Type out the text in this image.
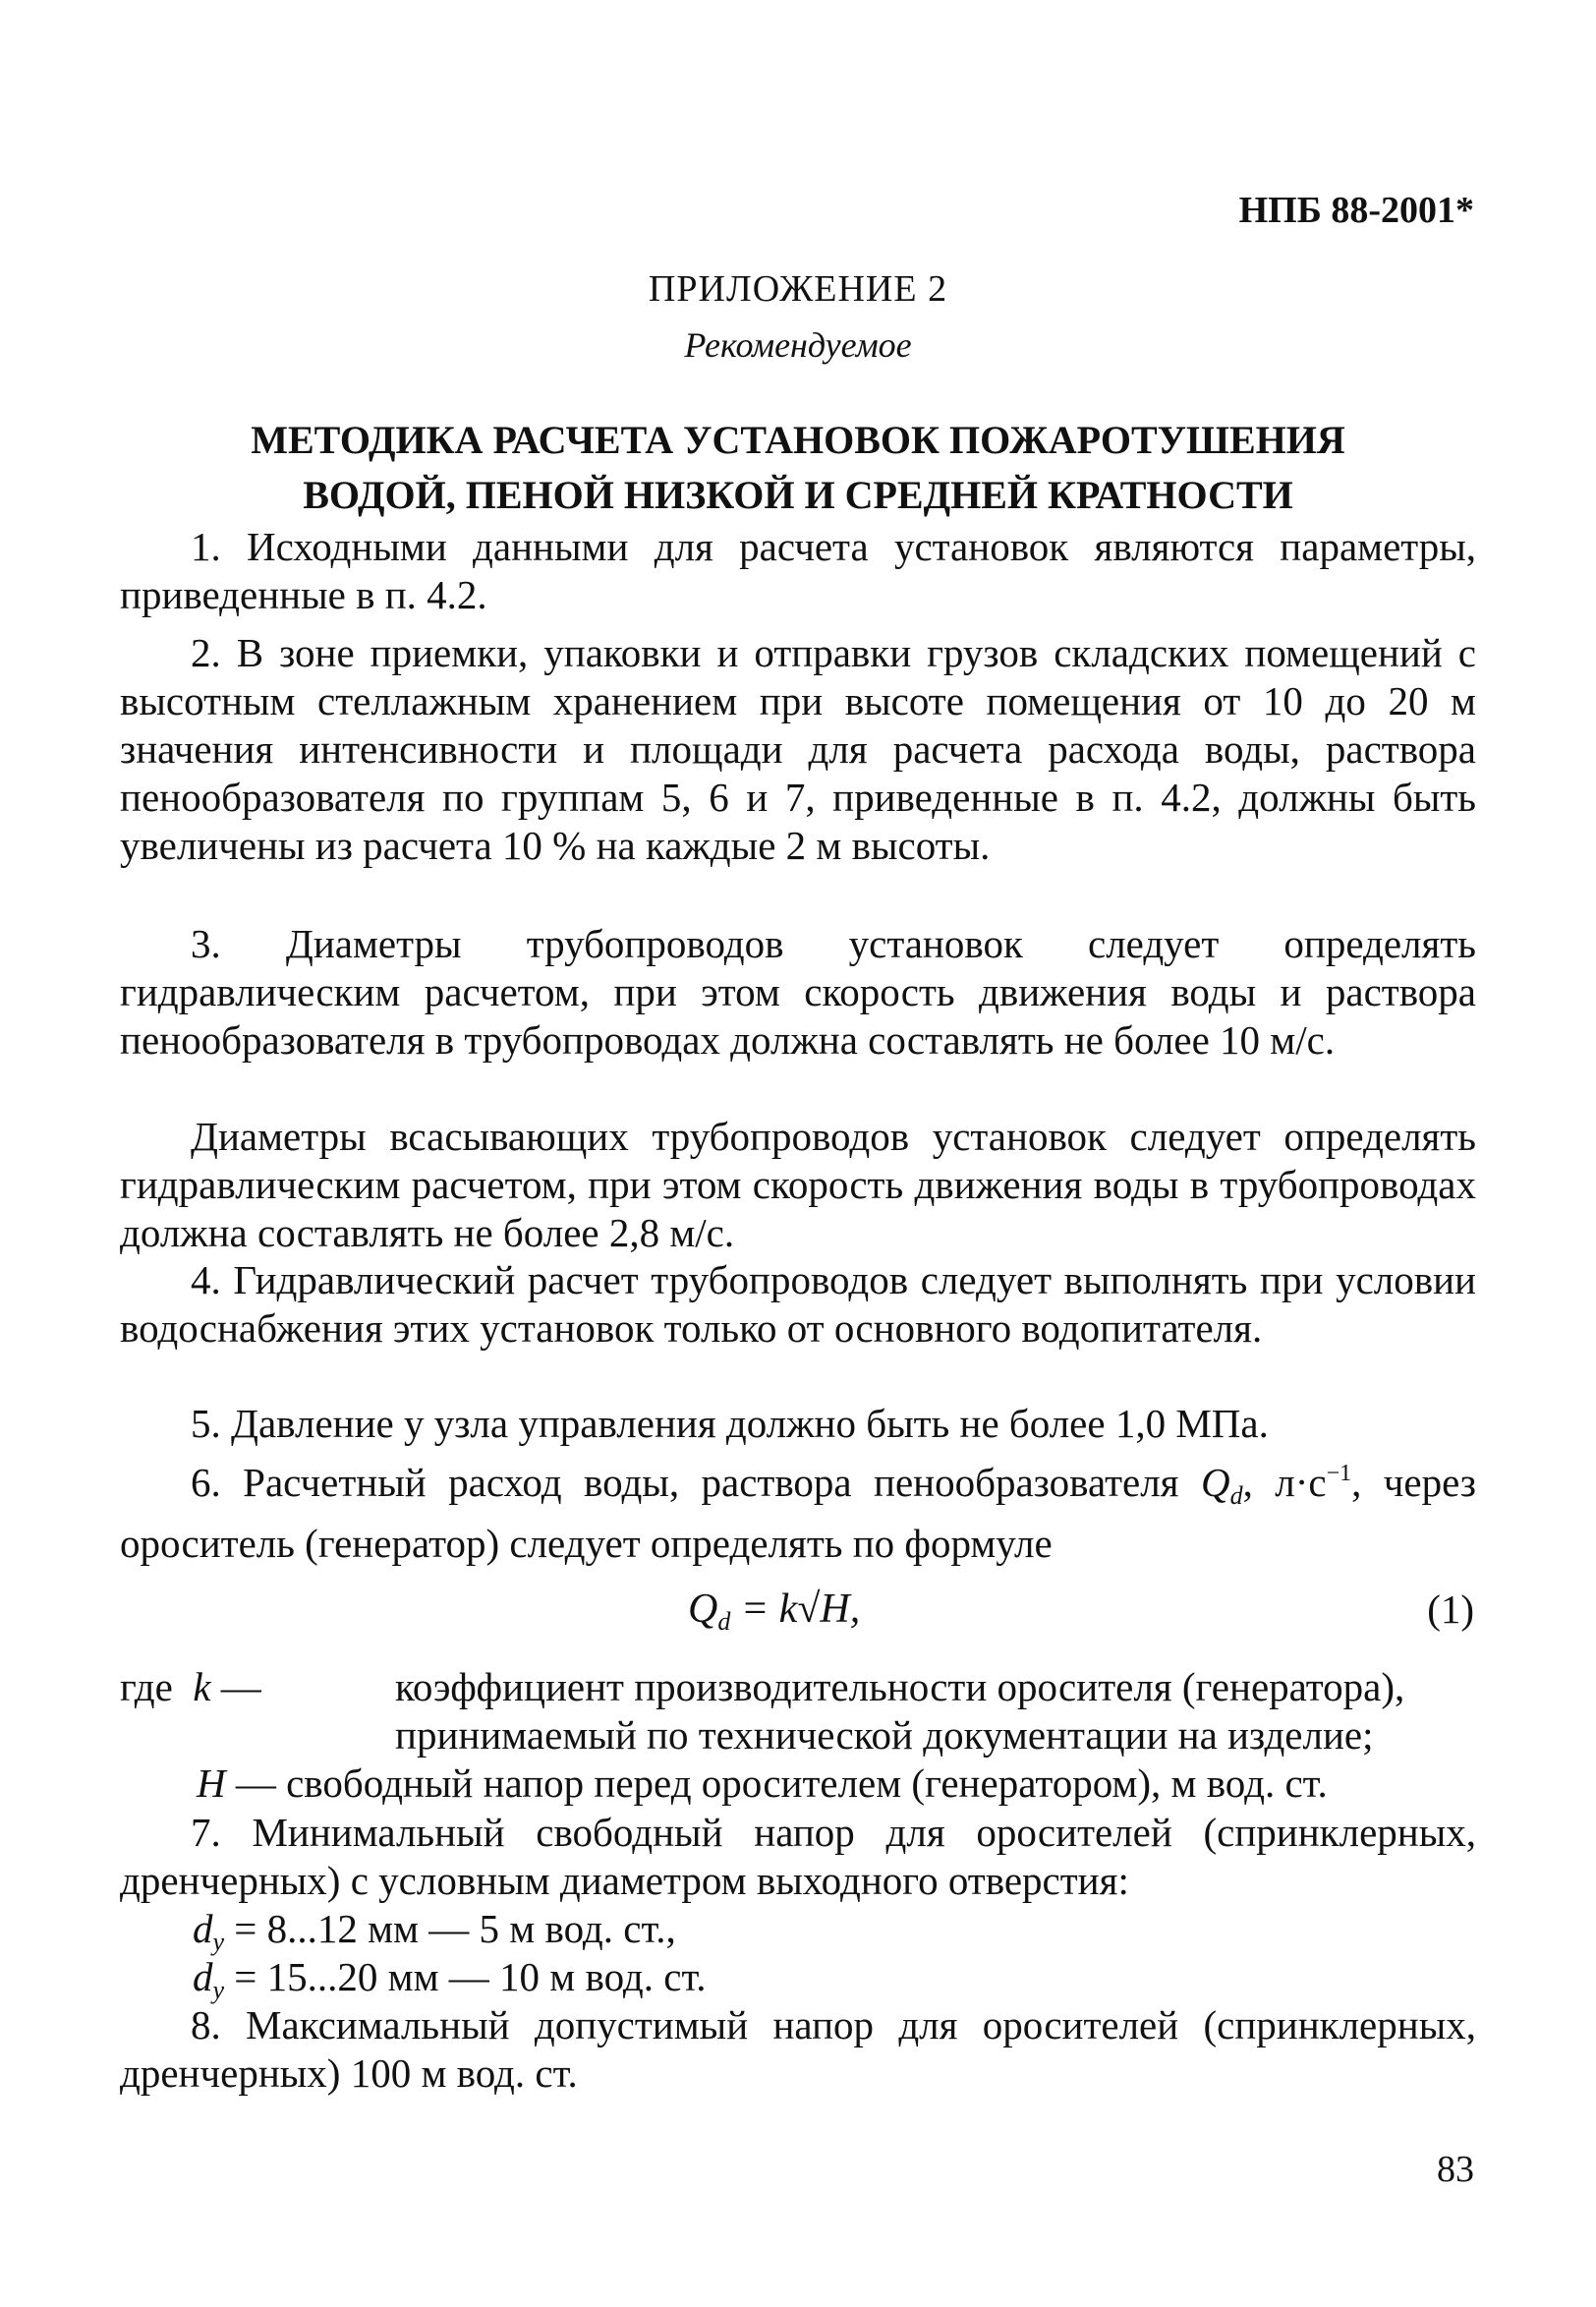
НПБ 88-2001*
ПРИЛОЖЕНИЕ 2
Рекомендуемое
МЕТОДИКА РАСЧЕТА УСТАНОВОК ПОЖАРОТУШЕНИЯ
ВОДОЙ, ПЕНОЙ НИЗКОЙ И СРЕДНЕЙ КРАТНОСТИ

1. Исходными данными для расчета установок являются параметры, приведенные в п. 4.2.

2. В зоне приемки, упаковки и отправки грузов складских помещений с высотным стеллажным хранением при высоте помещения от 10 до 20 м значения интенсивности и площади для расчета расхода воды, раствора пенообразователя по группам 5, 6 и 7, приведенные в п. 4.2, должны быть увеличены из расчета 10 % на каждые 2 м высоты.

3. Диаметры трубопроводов установок следует определять гидравлическим расчетом, при этом скорость движения воды и раствора пенообразователя в трубопроводах должна составлять не более 10 м/с.

Диаметры всасывающих трубопроводов установок следует определять гидравлическим расчетом, при этом скорость движения воды в трубопроводах должна составлять не более 2,8 м/с.

4. Гидравлический расчет трубопроводов следует выполнять при условии водоснабжения этих установок только от основного водопитателя.

5. Давление у узла управления должно быть не более 1,0 МПа.

6. Расчетный расход воды, раствора пенообразователя $Q_d$, $л\cdot с^{-1}$, через ороситель (генератор) следует определять по формуле

$Q_d = k√H$,	(1)
где k —	коэффициент производительности оросителя (генератора), принимаемый по технической документации на изделие;
H — свободный напор перед оросителем (генератором), м вод. ст.

7. Минимальный свободный напор для оросителей (спринклерных, дренчерных) с условным диаметром выходного отверстия:

$d_y = 8...12$ мм — 5 м вод. ст.,
$d_y = 15...20$ мм — 10 м вод. ст.

8. Максимальный допустимый напор для оросителей (спринклерных, дренчерных) 100 м вод. ст.

83
